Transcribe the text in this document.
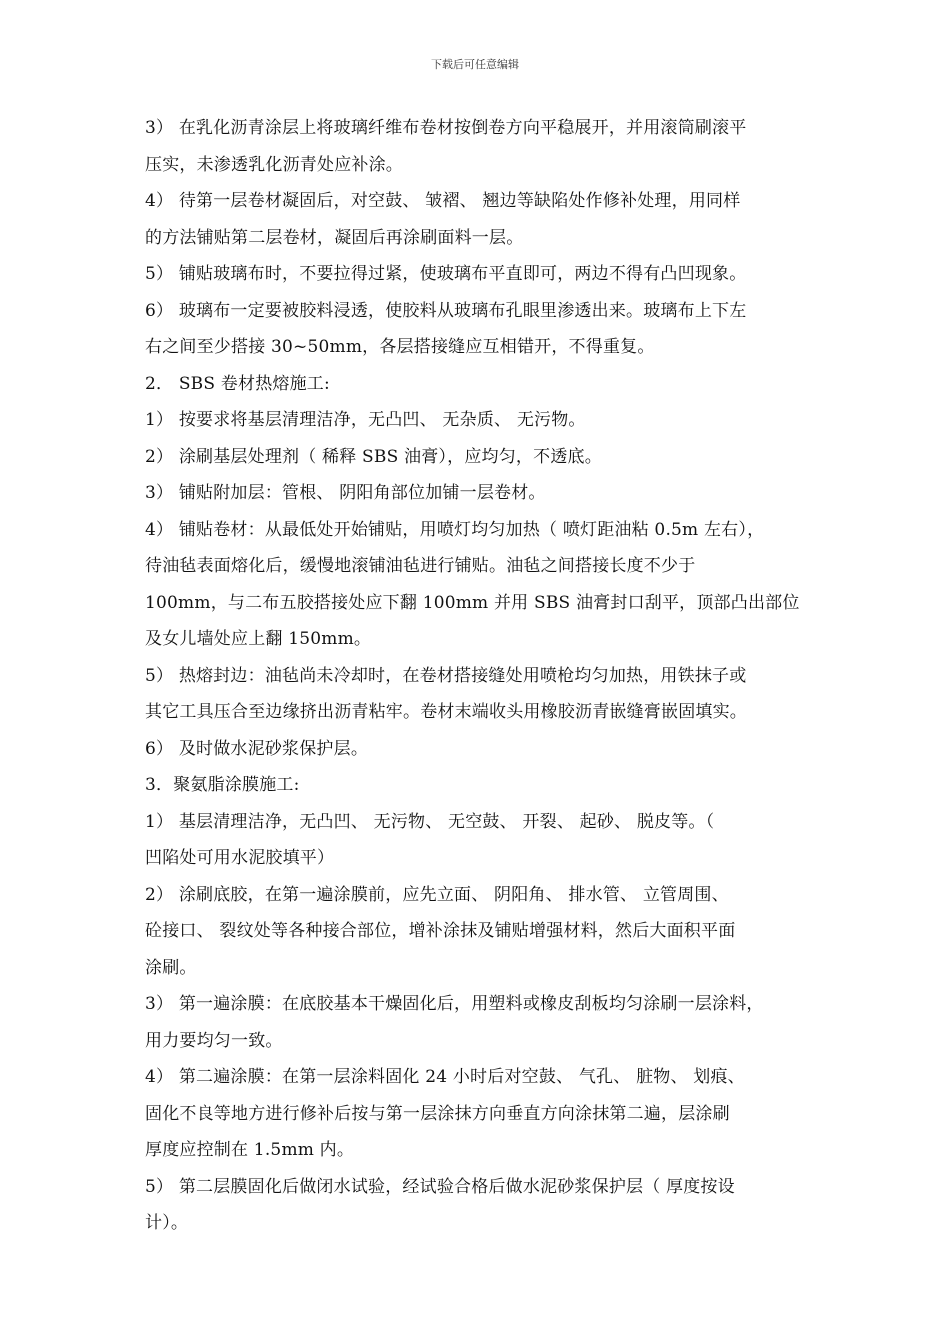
下载后可任意编辑
3） 在乳化沥青涂层上将玻璃纤维布卷材按倒卷方向平稳展开，并用滚筒刷滚平
压实，未渗透乳化沥青处应补涂。
4） 待第一层卷材凝固后，对空鼓、 皱褶、 翘边等缺陷处作修补处理，用同样
的方法铺贴第二层卷材，凝固后再涂刷面料一层。
5） 铺贴玻璃布时，不要拉得过紧，使玻璃布平直即可，两边不得有凸凹现象。
6） 玻璃布一定要被胶料浸透，使胶料从玻璃布孔眼里渗透出来。玻璃布上下左
右之间至少搭接 30~50mm，各层搭接缝应互相错开，不得重复。
2． SBS 卷材热熔施工:
1） 按要求将基层清理洁净，无凸凹、 无杂质、 无污物。
2） 涂刷基层处理剂（ 稀释 SBS 油膏），应均匀，不透底。
3） 铺贴附加层：管根、 阴阳角部位加铺一层卷材。
4） 铺贴卷材：从最低处开始铺贴，用喷灯均匀加热（ 喷灯距油粘 0.5m 左右），
待油毡表面熔化后，缓慢地滚铺油毡进行铺贴。油毡之间搭接长度不少于
100mm，与二布五胶搭接处应下翻 100mm 并用 SBS 油膏封口刮平，顶部凸出部位
及女儿墙处应上翻 150mm。
5） 热熔封边：油毡尚未冷却时，在卷材搭接缝处用喷枪均匀加热，用铁抹子或
其它工具压合至边缘挤出沥青粘牢。卷材末端收头用橡胶沥青嵌缝膏嵌固填实。
6） 及时做水泥砂浆保护层。
3．聚氨脂涂膜施工:
1） 基层清理洁净，无凸凹、 无污物、 无空鼓、 开裂、 起砂、 脱皮等。（
凹陷处可用水泥胶填平）
2） 涂刷底胶，在第一遍涂膜前，应先立面、 阴阳角、 排水管、 立管周围、
砼接口、 裂纹处等各种接合部位，增补涂抹及铺贴增强材料，然后大面积平面
涂刷。
3） 第一遍涂膜：在底胶基本干燥固化后，用塑料或橡皮刮板均匀涂刷一层涂料，
用力要均匀一致。
4） 第二遍涂膜：在第一层涂料固化 24 小时后对空鼓、 气孔、 脏物、 划痕、
固化不良等地方进行修补后按与第一层涂抹方向垂直方向涂抹第二遍，层涂刷
厚度应控制在 1.5mm 内。
5） 第二层膜固化后做闭水试验，经试验合格后做水泥砂浆保护层（ 厚度按设
计）。
